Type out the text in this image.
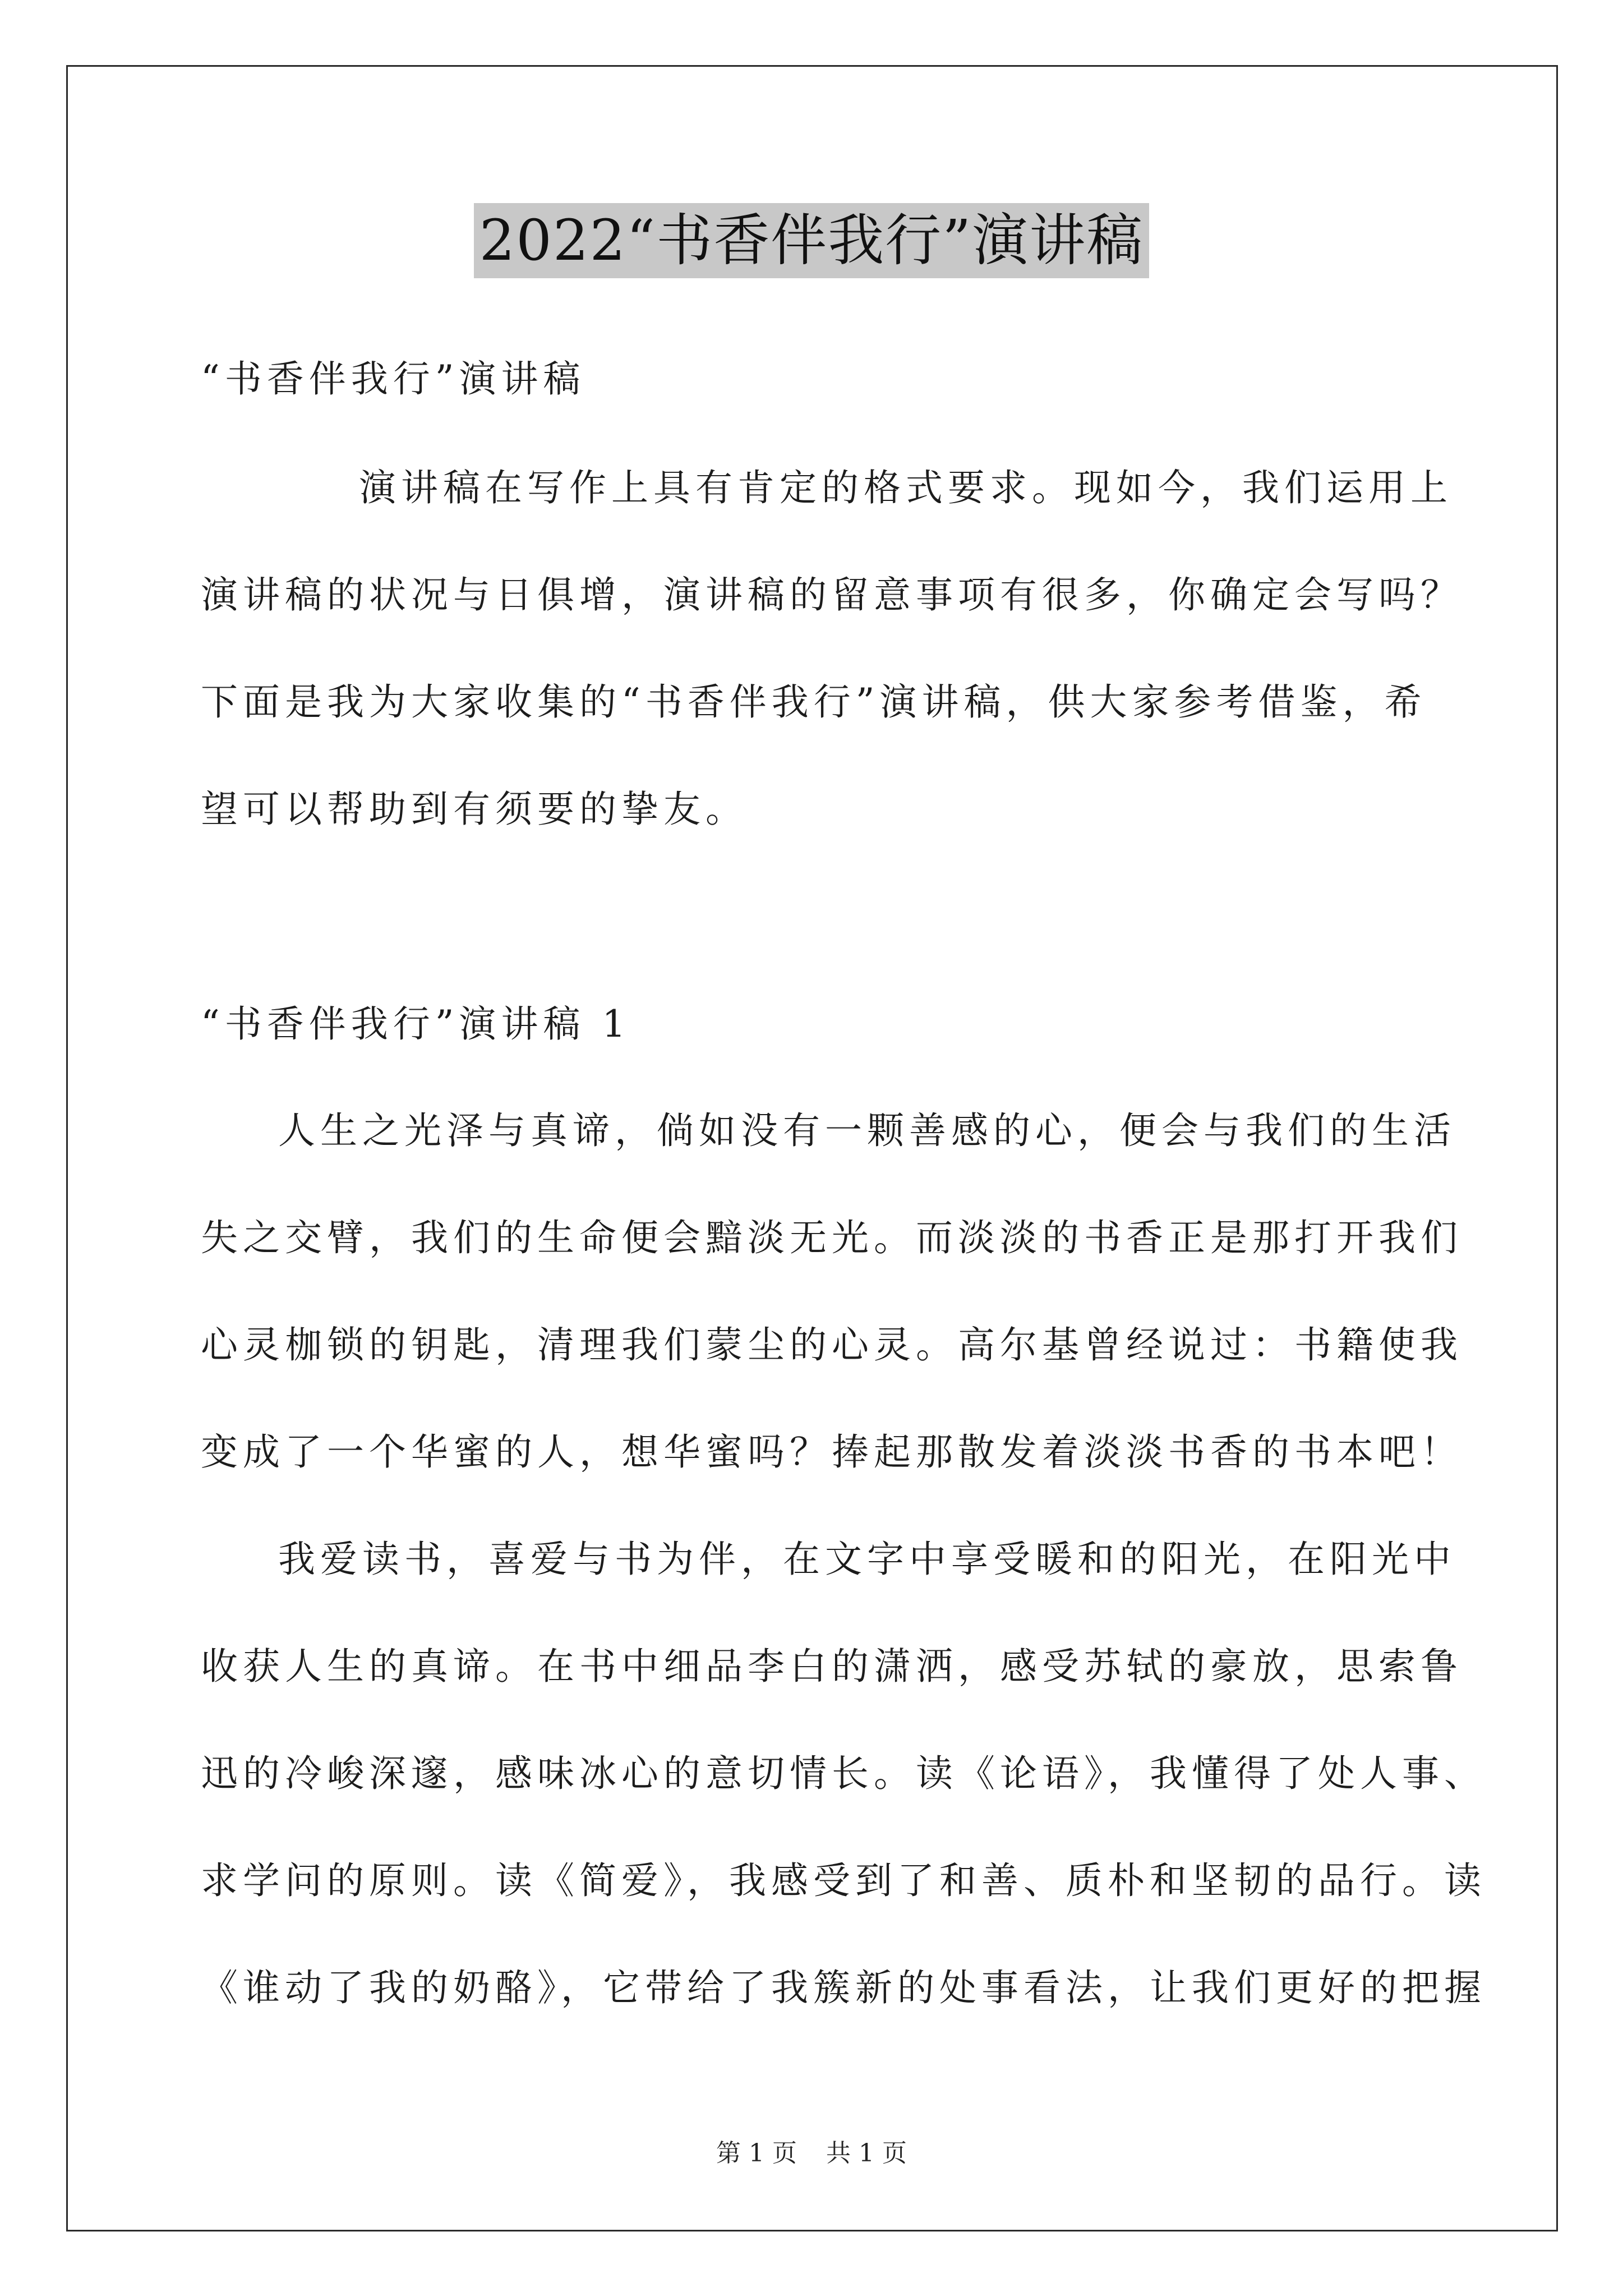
2022“书香伴我行”演讲稿
“书香伴我行”演讲稿
演讲稿在写作上具有肯定的格式要求。现如今，我们运用上
演讲稿的状况与日俱增，演讲稿的留意事项有很多，你确定会写吗？
下面是我为大家收集的“书香伴我行”演讲稿，供大家参考借鉴，希
望可以帮助到有须要的挚友。
“书香伴我行”演讲稿 1
人生之光泽与真谛，倘如没有一颗善感的心，便会与我们的生活
失之交臂，我们的生命便会黯淡无光。而淡淡的书香正是那打开我们
心灵枷锁的钥匙，清理我们蒙尘的心灵。高尔基曾经说过：书籍使我
变成了一个华蜜的人，想华蜜吗？捧起那散发着淡淡书香的书本吧！
我爱读书，喜爱与书为伴，在文字中享受暖和的阳光，在阳光中
收获人生的真谛。在书中细品李白的潇洒，感受苏轼的豪放，思索鲁
迅的冷峻深邃，感味冰心的意切情长。读《论语》，我懂得了处人事、
求学问的原则。读《简爱》，我感受到了和善、质朴和坚韧的品行。读
《谁动了我的奶酪》，它带给了我簇新的处事看法，让我们更好的把握
第 1 页 共 1 页
